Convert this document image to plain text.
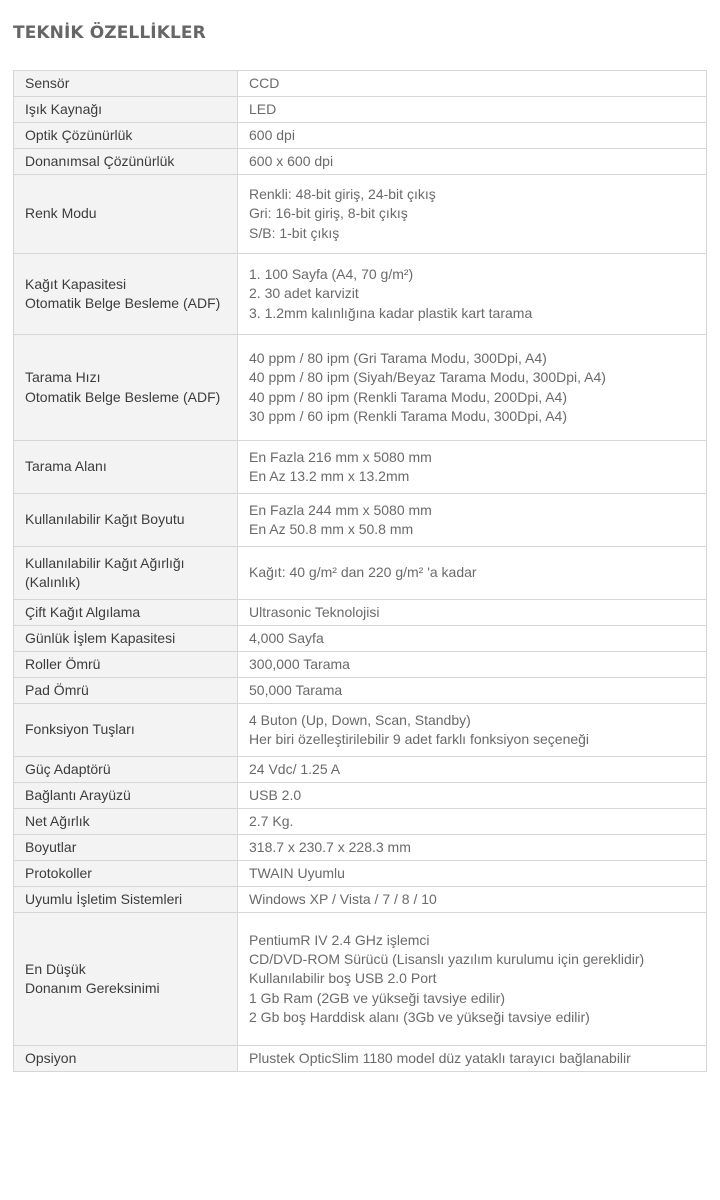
TEKNİK ÖZELLİKLER
Sensör	CCD

Işık Kaynağı	LED

Optik Çözünürlük	600 dpi

Donanımsal Çözünürlük	600 x 600 dpi

Renk Modu	Renkli: 48-bit giriş, 24-bit çıkış
Gri: 16-bit giriş, 8-bit çıkış
S/B: 1-bit çıkış

Kağıt Kapasitesi
Otomatik Belge Besleme (ADF)	1. 100 Sayfa (A4, 70 g/m²)
2. 30 adet karvizit
3. 1.2mm kalınlığına kadar plastik kart tarama

Tarama Hızı
Otomatik Belge Besleme (ADF)	40 ppm / 80 ipm (Gri Tarama Modu, 300Dpi, A4)
40 ppm / 80 ipm (Siyah/Beyaz Tarama Modu, 300Dpi, A4)
40 ppm / 80 ipm (Renkli Tarama Modu, 200Dpi, A4)
30 ppm / 60 ipm (Renkli Tarama Modu, 300Dpi, A4)

Tarama Alanı	En Fazla 216 mm x 5080 mm
En Az 13.2 mm x 13.2mm

Kullanılabilir Kağıt Boyutu	En Fazla 244 mm x 5080 mm
En Az 50.8 mm x 50.8 mm

Kullanılabilir Kağıt Ağırlığı
(Kalınlık)	Kağıt: 40 g/m² dan 220 g/m² 'a kadar

Çift Kağıt Algılama	Ultrasonic Teknolojisi

Günlük İşlem Kapasitesi	4,000 Sayfa

Roller Ömrü	300,000 Tarama

Pad Ömrü	50,000 Tarama

Fonksiyon Tuşları	4 Buton (Up, Down, Scan, Standby)
Her biri özelleştirilebilir 9 adet farklı fonksiyon seçeneği

Güç Adaptörü	24 Vdc/ 1.25 A

Bağlantı Arayüzü	USB 2.0

Net Ağırlık	2.7 Kg.

Boyutlar	318.7 x 230.7 x 228.3 mm

Protokoller	TWAIN Uyumlu

Uyumlu İşletim Sistemleri	Windows XP / Vista / 7 / 8 / 10

En Düşük
Donanım Gereksinimi	PentiumR IV 2.4 GHz işlemci
CD/DVD-ROM Sürücü (Lisanslı yazılım kurulumu için gereklidir)
Kullanılabilir boş USB 2.0 Port
1 Gb Ram (2GB ve yükseği tavsiye edilir)
2 Gb boş Harddisk alanı (3Gb ve yükseği tavsiye edilir)

Opsiyon	Plustek OpticSlim 1180 model düz yataklı tarayıcı bağlanabilir
